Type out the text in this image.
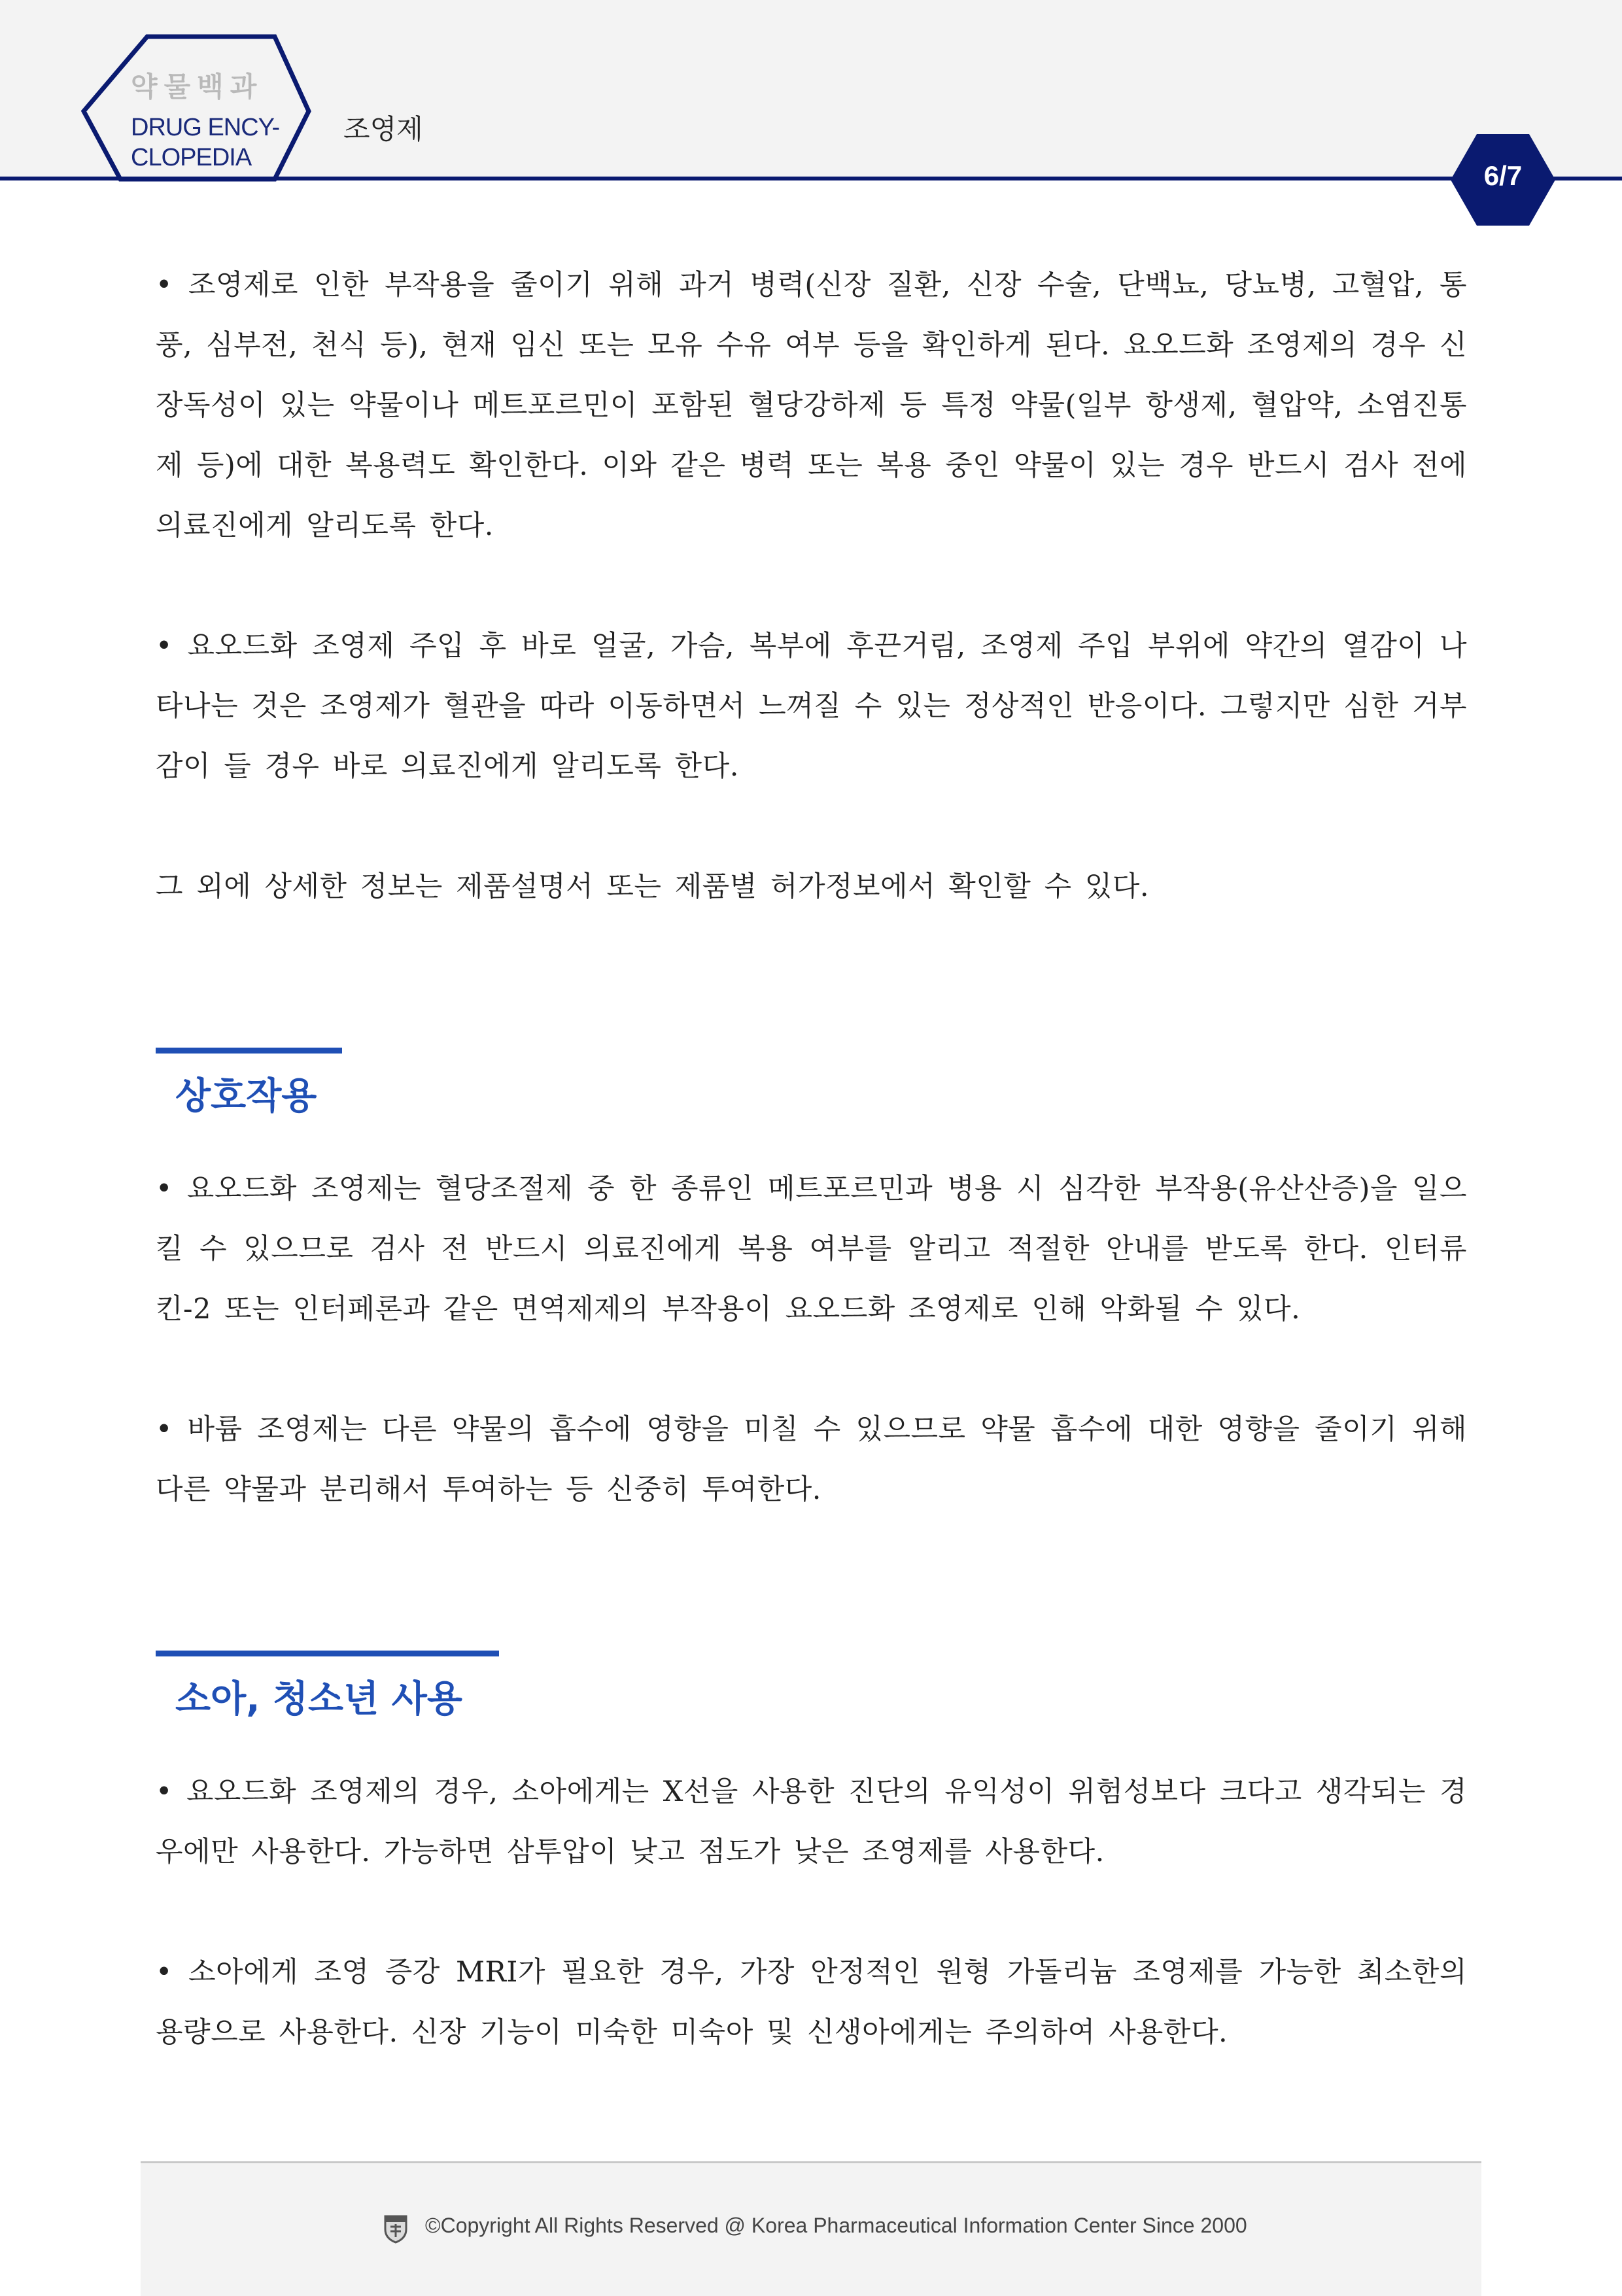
약물백과
DRUG ENCY-
CLOPEDIA
조영제
6/7

• 조영제로 인한 부작용을 줄이기 위해 과거 병력(신장 질환, 신장 수술, 단백뇨, 당뇨병, 고혈압, 통풍, 심부전, 천식 등), 현재 임신 또는 모유 수유 여부 등을 확인하게 된다. 요오드화 조영제의 경우 신장독성이 있는 약물이나 메트포르민이 포함된 혈당강하제 등 특정 약물(일부 항생제, 혈압약, 소염진통제 등)에 대한 복용력도 확인한다. 이와 같은 병력 또는 복용 중인 약물이 있는 경우 반드시 검사 전에 의료진에게 알리도록 한다.

• 요오드화 조영제 주입 후 바로 얼굴, 가슴, 복부에 후끈거림, 조영제 주입 부위에 약간의 열감이 나타나는 것은 조영제가 혈관을 따라 이동하면서 느껴질 수 있는 정상적인 반응이다. 그렇지만 심한 거부감이 들 경우 바로 의료진에게 알리도록 한다.

그 외에 상세한 정보는 제품설명서 또는 제품별 허가정보에서 확인할 수 있다.

상호작용

• 요오드화 조영제는 혈당조절제 중 한 종류인 메트포르민과 병용 시 심각한 부작용(유산산증)을 일으킬 수 있으므로 검사 전 반드시 의료진에게 복용 여부를 알리고 적절한 안내를 받도록 한다. 인터류킨-2 또는 인터페론과 같은 면역제제의 부작용이 요오드화 조영제로 인해 악화될 수 있다.

• 바륨 조영제는 다른 약물의 흡수에 영향을 미칠 수 있으므로 약물 흡수에 대한 영향을 줄이기 위해 다른 약물과 분리해서 투여하는 등 신중히 투여한다.

소아, 청소년 사용

• 요오드화 조영제의 경우, 소아에게는 X선을 사용한 진단의 유익성이 위험성보다 크다고 생각되는 경우에만 사용한다. 가능하면 삼투압이 낮고 점도가 낮은 조영제를 사용한다.

• 소아에게 조영 증강 MRI가 필요한 경우, 가장 안정적인 원형 가돌리늄 조영제를 가능한 최소한의 용량으로 사용한다. 신장 기능이 미숙한 미숙아 및 신생아에게는 주의하여 사용한다.

©Copyright All Rights Reserved @ Korea Pharmaceutical Information Center Since 2000
